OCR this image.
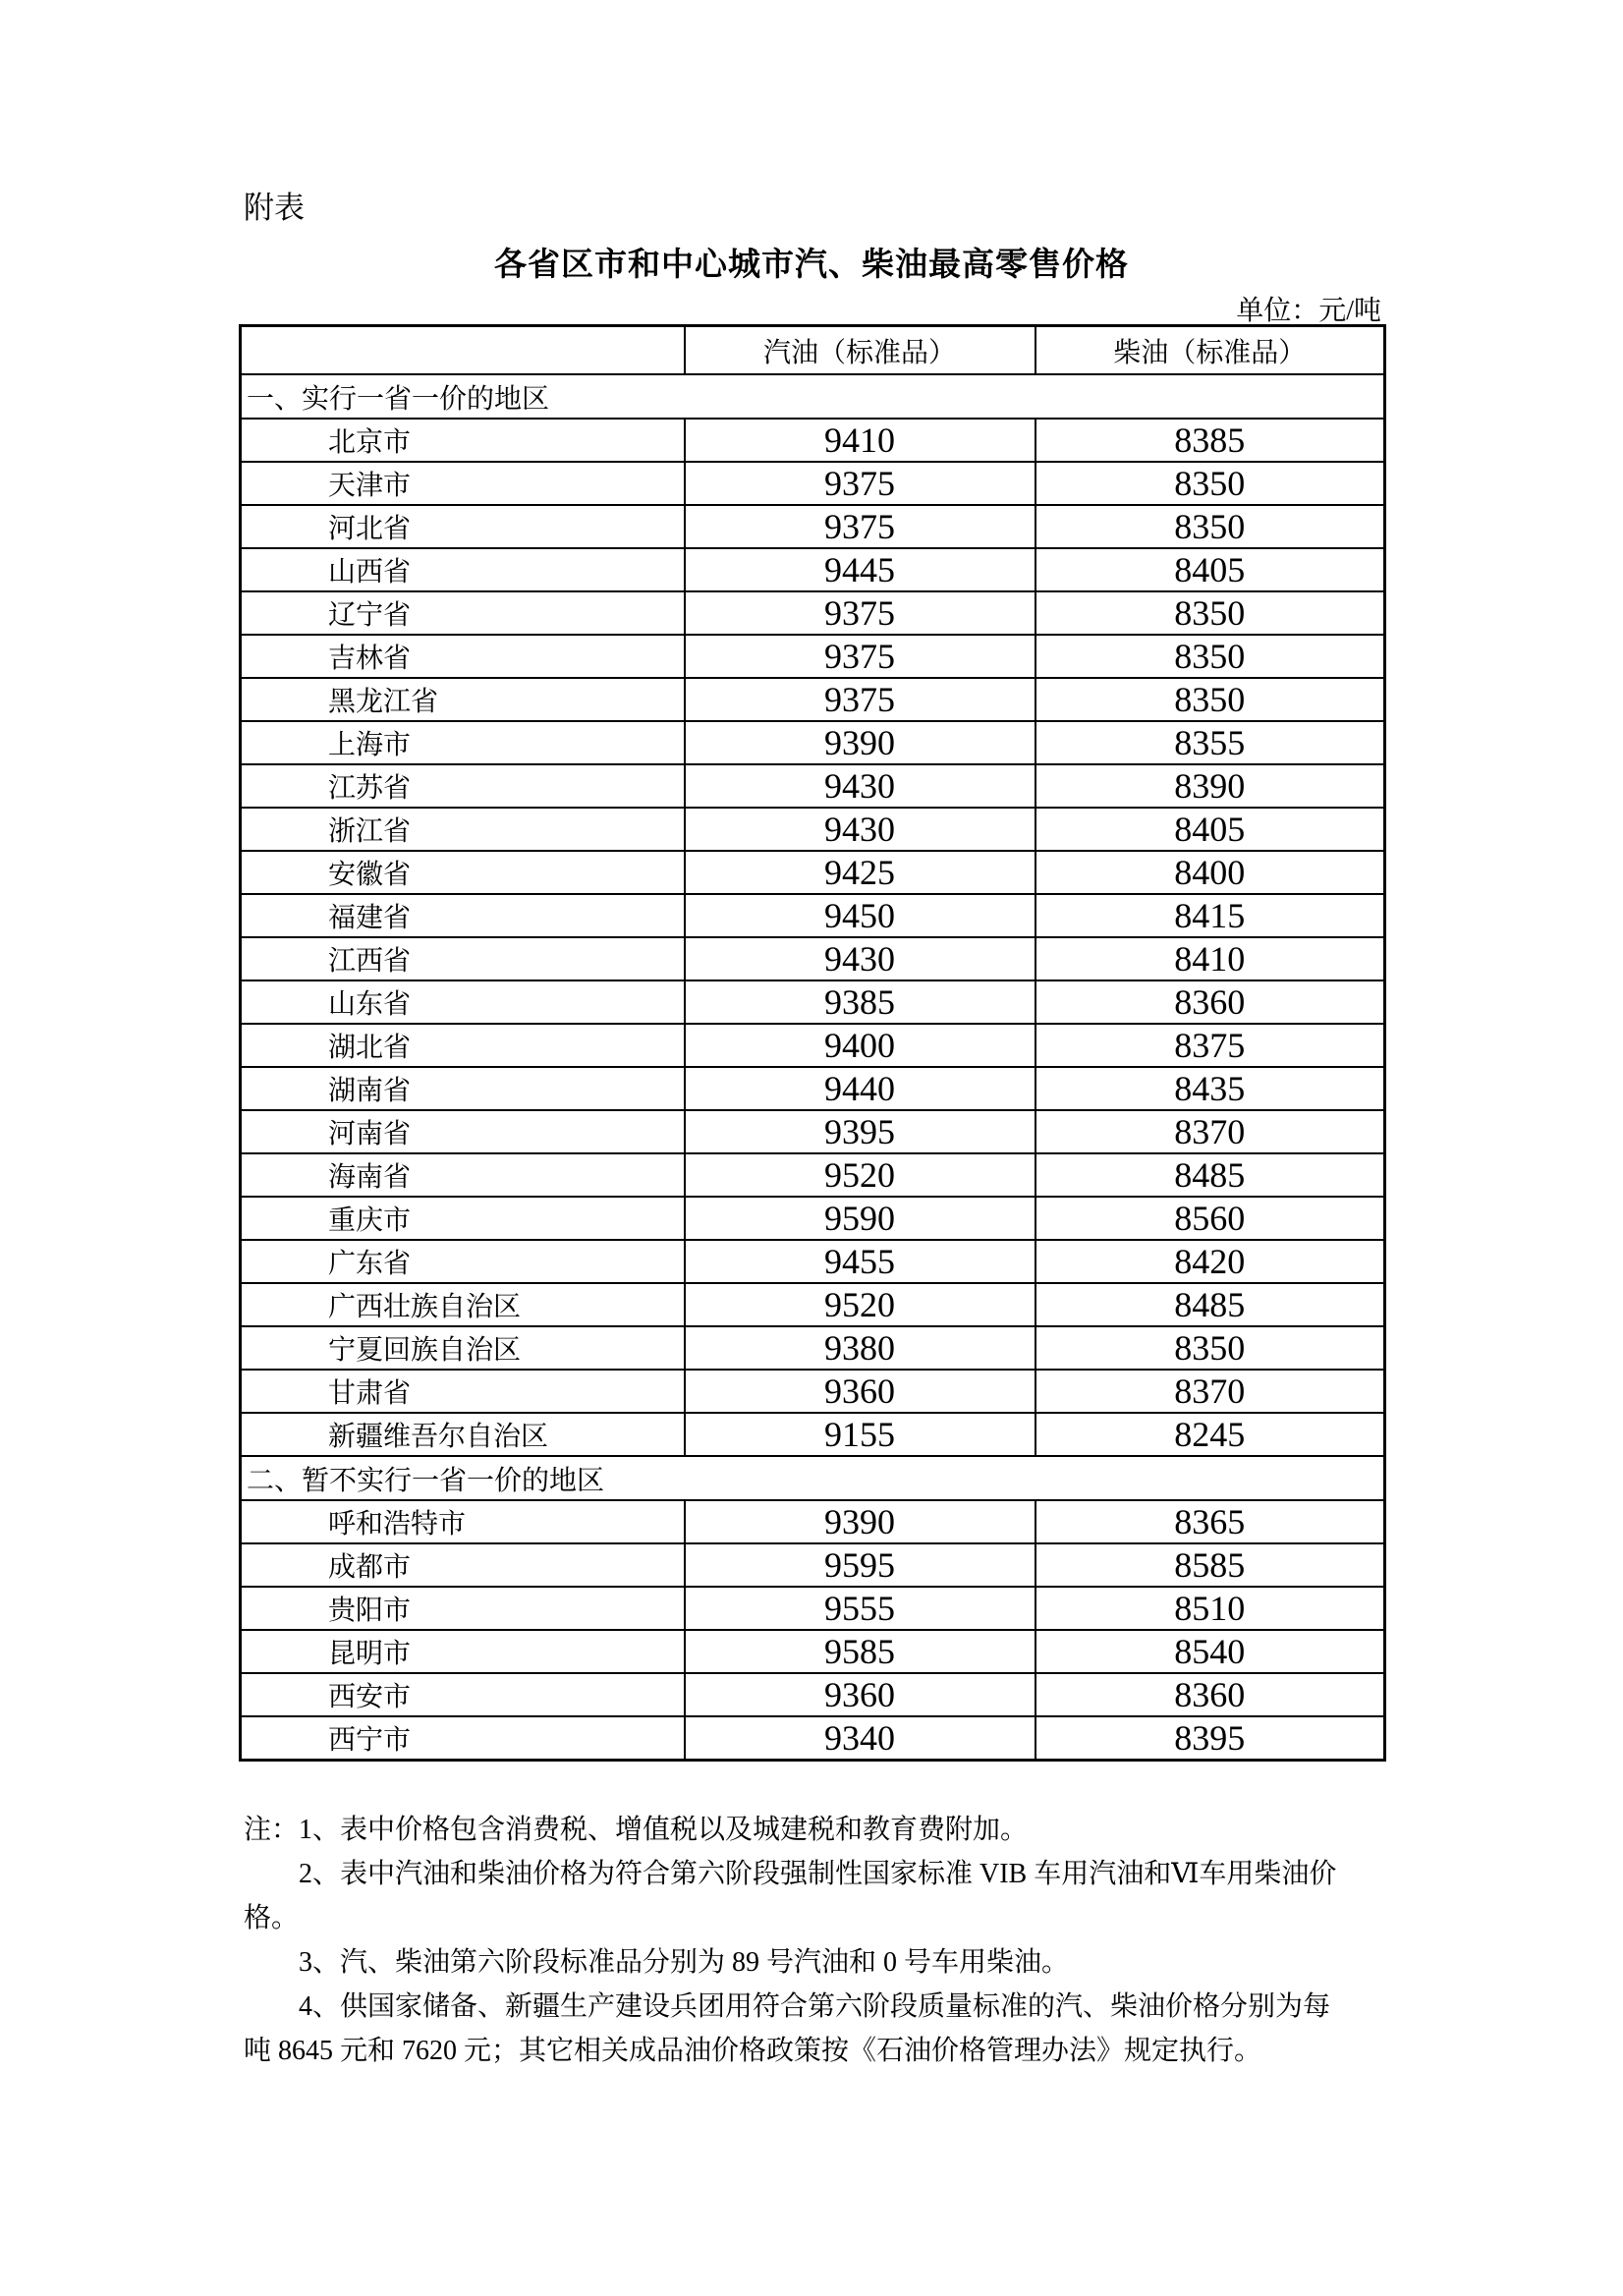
附表
各省区市和中心城市汽、柴油最高零售价格
单位：元/吨
	汽油（标准品）	柴油（标准品）
一、实行一省一价的地区		
北京市	9410	8385
天津市	9375	8350
河北省	9375	8350
山西省	9445	8405
辽宁省	9375	8350
吉林省	9375	8350
黑龙江省	9375	8350
上海市	9390	8355
江苏省	9430	8390
浙江省	9430	8405
安徽省	9425	8400
福建省	9450	8415
江西省	9430	8410
山东省	9385	8360
湖北省	9400	8375
湖南省	9440	8435
河南省	9395	8370
海南省	9520	8485
重庆市	9590	8560
广东省	9455	8420
广西壮族自治区	9520	8485
宁夏回族自治区	9380	8350
甘肃省	9360	8370
新疆维吾尔自治区	9155	8245
二、暂不实行一省一价的地区		
呼和浩特市	9390	8365
成都市	9595	8585
贵阳市	9555	8510
昆明市	9585	8540
西安市	9360	8360
西宁市	9340	8395
注：1、表中价格包含消费税、增值税以及城建税和教育费附加。
2、表中汽油和柴油价格为符合第六阶段强制性国家标准 VIB 车用汽油和Ⅵ车用柴油价
格。
3、汽、柴油第六阶段标准品分别为 89 号汽油和 0 号车用柴油。
4、供国家储备、新疆生产建设兵团用符合第六阶段质量标准的汽、柴油价格分别为每
吨 8645 元和 7620 元；其它相关成品油价格政策按《石油价格管理办法》规定执行。
